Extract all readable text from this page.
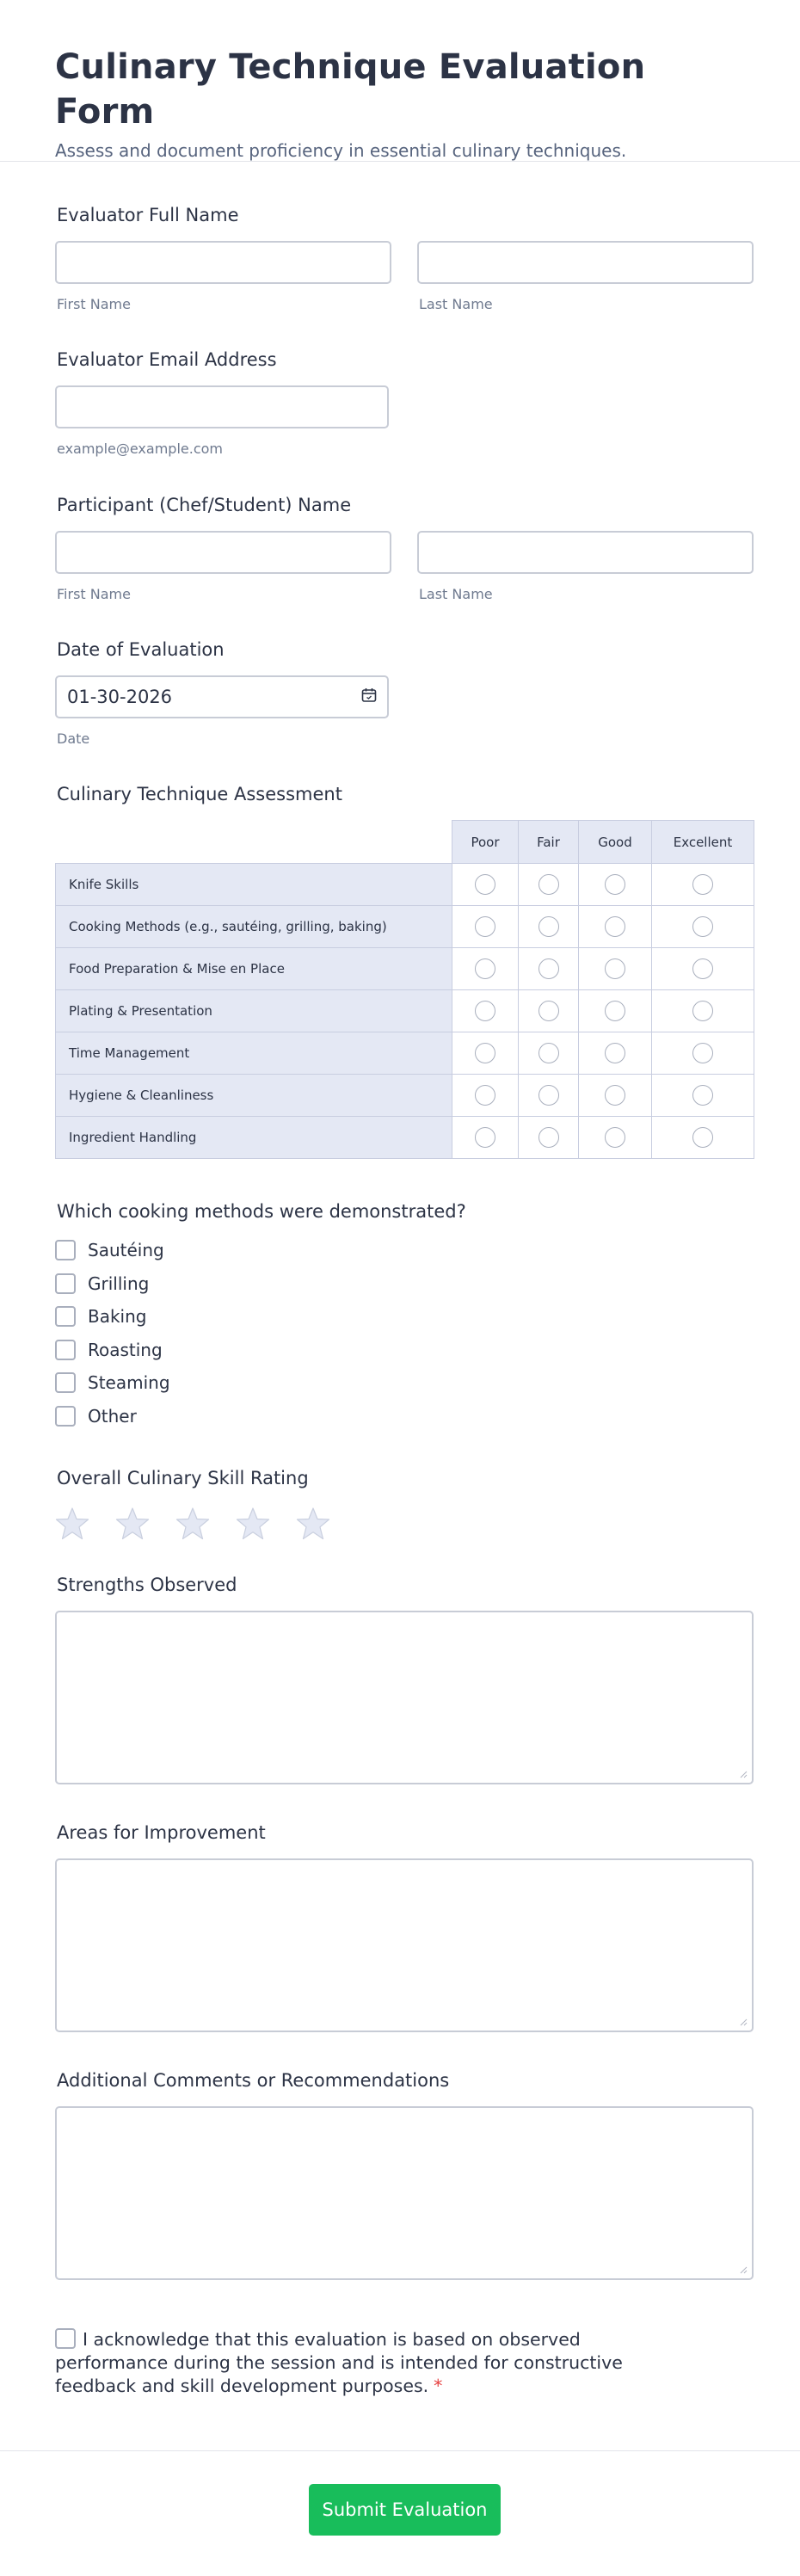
Culinary Technique Evaluation Form

Assess and document proficiency in essential culinary techniques.

Evaluator Full Name
First Name	Last Name
Evaluator Email Address
example@example.com
Participant (Chef/Student) Name
First Name	Last Name
Date of Evaluation
01-30-2026
Date
Culinary Technique Assessment
	Poor	Fair	Good	Excellent
Knife Skills				
Cooking Methods (e.g., sautéing, grilling, baking)				
Food Preparation & Mise en Place				
Plating & Presentation				
Time Management				
Hygiene & Cleanliness				
Ingredient Handling				
Which cooking methods were demonstrated?
Sautéing
Grilling
Baking
Roasting
Steaming
Other
Overall Culinary Skill Rating
Strengths Observed
Areas for Improvement
Additional Comments or Recommendations
I acknowledge that this evaluation is based on observed performance during the session and is intended for constructive feedback and skill development purposes. *
Submit Evaluation
